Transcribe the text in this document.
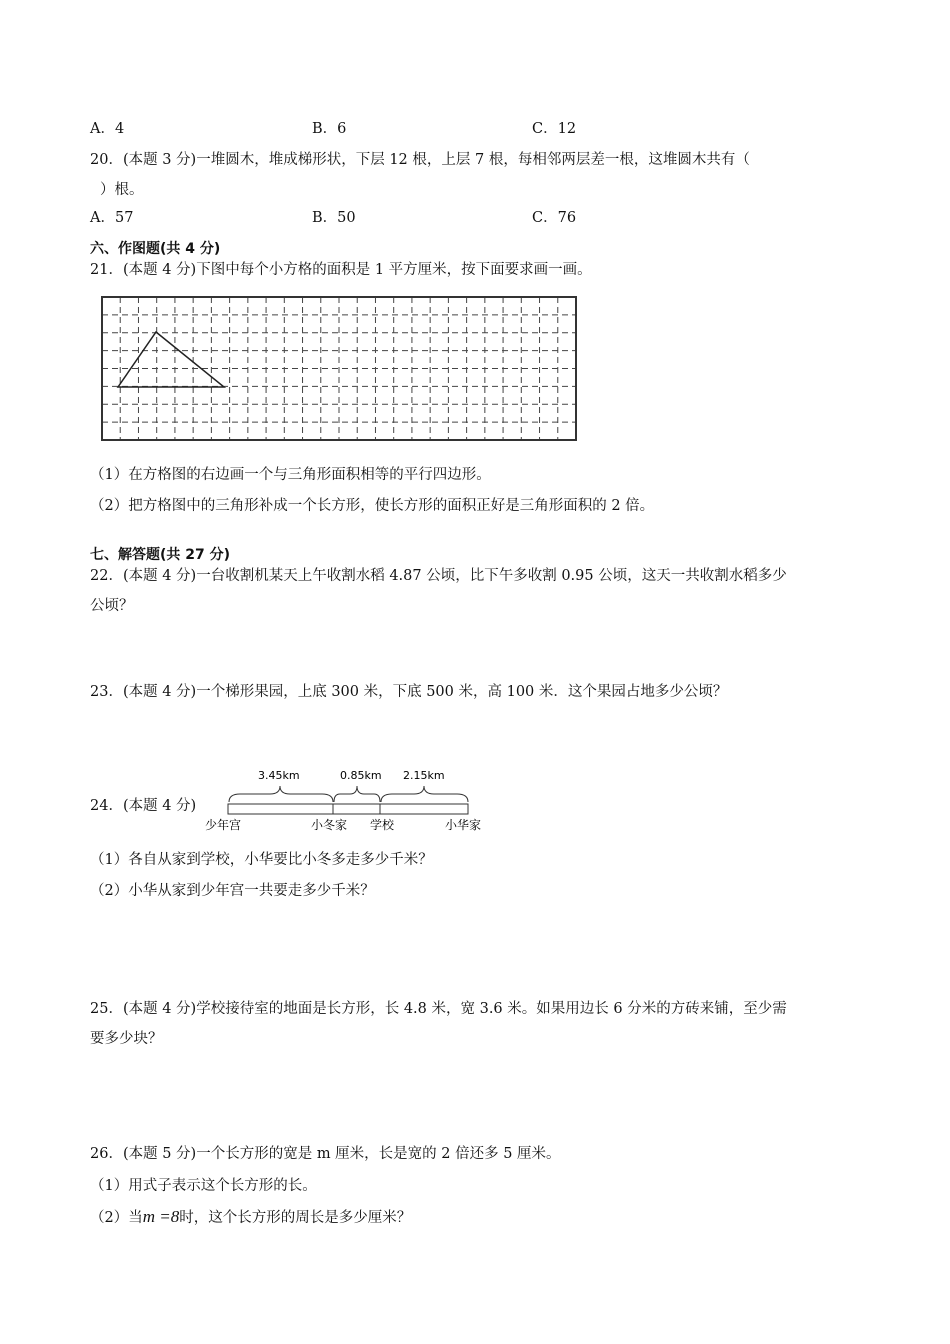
A．4	B．6	C．12
20．(本题 3 分)一堆圆木，堆成梯形状，下层 12 根，上层 7 根，每相邻两层差一根，这堆圆木共有（
）根。
A．57	B．50	C．76
六、作图题(共 4 分)
21．(本题 4 分)下图中每个小方格的面积是 1 平方厘米，按下面要求画一画。
（1）在方格图的右边画一个与三角形面积相等的平行四边形。
（2）把方格图中的三角形补成一个长方形，使长方形的面积正好是三角形面积的 2 倍。
七、解答题(共 27 分)
22．(本题 4 分)一台收割机某天上午收割水稻 4.87 公顷，比下午多收割 0.95 公顷，这天一共收割水稻多少
公顷？
23．(本题 4 分)一个梯形果园，上底 300 米，下底 500 米，高 100 米．这个果园占地多少公顷？
24．(本题 4 分)
3.45km	0.85km 2.15km
少年宫	小冬家 学校	小华家
（1）各自从家到学校，小华要比小冬多走多少千米？
（2）小华从家到少年宫一共要走多少千米？
25．(本题 4 分)学校接待室的地面是长方形，长 4.8 米，宽 3.6 米。如果用边长 6 分米的方砖来铺，至少需
要多少块？
26．(本题 5 分)一个长方形的宽是 m 厘米，长是宽的 2 倍还多 5 厘米。
（1）用式子表示这个长方形的长。
（2）当m =8时，这个长方形的周长是多少厘米？
